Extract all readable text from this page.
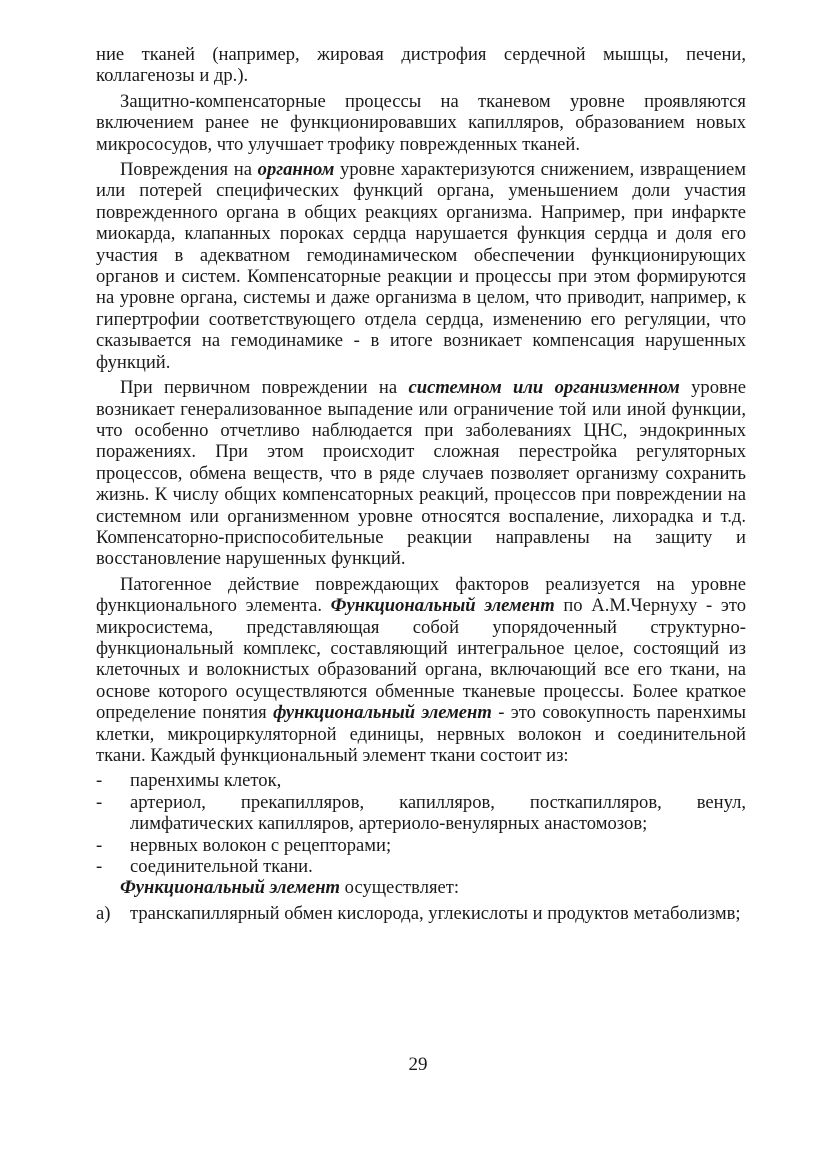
ние тканей (например, жировая дистрофия сердечной мышцы, печени, коллагенозы и др.).

Защитно-компенсаторные процессы на тканевом уровне проявляются включением ранее не функционировавших капилляров, образованием новых микрососудов, что улучшает трофику поврежденных тканей.

Повреждения на органном уровне характеризуются снижением, извращением или потерей специфических функций органа, уменьшением доли участия поврежденного органа в общих реакциях организма. Например, при инфаркте миокарда, клапанных пороках сердца нарушается функция сердца и доля его участия в адекватном гемодинамическом обеспечении функционирующих органов и систем. Компенсаторные реакции и процессы при этом формируются на уровне органа, системы и даже организма в целом, что приводит, например, к гипертрофии соответствующего отдела сердца, изменению его регуляции, что сказывается на гемодинамике - в итоге возникает компенсация нарушенных функций.

При первичном повреждении на системном или организменном уровне возникает генерализованное выпадение или ограничение той или иной функции, что особенно отчетливо наблюдается при заболеваниях ЦНС, эндокринных поражениях. При этом происходит сложная перестройка регуляторных процессов, обмена веществ, что в ряде случаев позволяет организму сохранить жизнь. К числу общих компенсаторных реакций, процессов при повреждении на системном или организменном уровне относятся воспаление, лихорадка и т.д. Компенсаторно-приспособительные реакции направлены на защиту и восстановление нарушенных функций.

Патогенное действие повреждающих факторов реализуется на уровне функционального элемента. Функциональный элемент по А.М.Чернуху - это микросистема, представляющая собой упорядоченный структурно-функциональный комплекс, составляющий интегральное целое, состоящий из клеточных и волокнистых образований органа, включающий все его ткани, на основе которого осуществляются обменные тканевые процессы. Более краткое определение понятия функциональный элемент - это совокупность паренхимы клетки, микроциркуляторной единицы, нервных волокон и соединительной ткани. Каждый функциональный элемент ткани состоит из:

-	паренхимы клеток,
-	артериол, прекапилляров, капилляров, посткапилляров, венул, лимфатических капилляров, артериоло-венулярных анастомозов;
-	нервных волокон с рецепторами;
-	соединительной ткани.

Функциональный элемент осуществляет:

а)	транскапиллярный обмен кислорода, углекислоты и продуктов метаболизмв;
29
